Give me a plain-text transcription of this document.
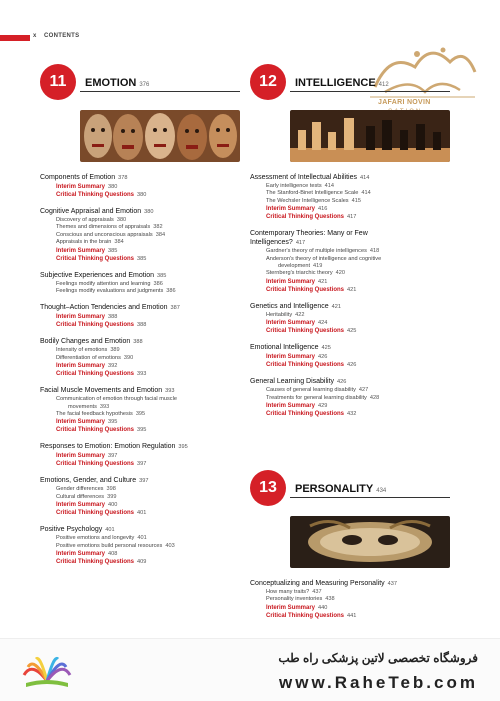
x CONTENTS
JAFARI NOVIN
11	EMOTION 376
Components of Emotion 378
Interim Summary 380
Critical Thinking Questions 380
Cognitive Appraisal and Emotion 380
Discovery of appraisals 380
Themes and dimensions of appraisals 382
Conscious and unconscious appraisals 384
Appraisals in the brain 384
Interim Summary 385
Critical Thinking Questions 385
Subjective Experiences and Emotion 385
Feelings modify attention and learning 386
Feelings modify evaluations and judgments 386
Thought–Action Tendencies and Emotion 387
Interim Summary 388
Critical Thinking Questions 388
Bodily Changes and Emotion 388
Intensity of emotions 389
Differentiation of emotions 390
Interim Summary 392
Critical Thinking Questions 393
Facial Muscle Movements and Emotion 393
Communication of emotion through facial muscle
movements 393
The facial feedback hypothesis 395
Interim Summary 395
Critical Thinking Questions 395
Responses to Emotion: Emotion Regulation 395
Interim Summary 397
Critical Thinking Questions 397
Emotions, Gender, and Culture 397
Gender differences 398
Cultural differences 399
Interim Summary 400
Critical Thinking Questions 401
Positive Psychology 401
Positive emotions and longevity 401
Positive emotions build personal resources 403
Interim Summary 408
Critical Thinking Questions 409
12	INTELLIGENCE 412
Assessment of Intellectual Abilities 414
Early intelligence tests 414
The Stanford-Binet Intelligence Scale 414
The Wechsler Intelligence Scales 415
Interim Summary 416
Critical Thinking Questions 417
Contemporary Theories: Many or Few
Intelligences? 417
Gardner's theory of multiple intelligences 418
Anderson's theory of intelligence and cognitive
development 419
Sternberg's triarchic theory 420
Interim Summary 421
Critical Thinking Questions 421
Genetics and Intelligence 421
Heritability 422
Interim Summary 424
Critical Thinking Questions 425
Emotional Intelligence 425
Interim Summary 426
Critical Thinking Questions 426
General Learning Disability 426
Causes of general learning disability 427
Treatments for general learning disability 428
Interim Summary 429
Critical Thinking Questions 432
13	PERSONALITY 434
Conceptualizing and Measuring Personality 437
How many traits? 437
Personality inventories 438
Interim Summary 440
Critical Thinking Questions 441
فروشگاه تخصصی لاتین پزشکی راه طب
www.RaheTeb.com
